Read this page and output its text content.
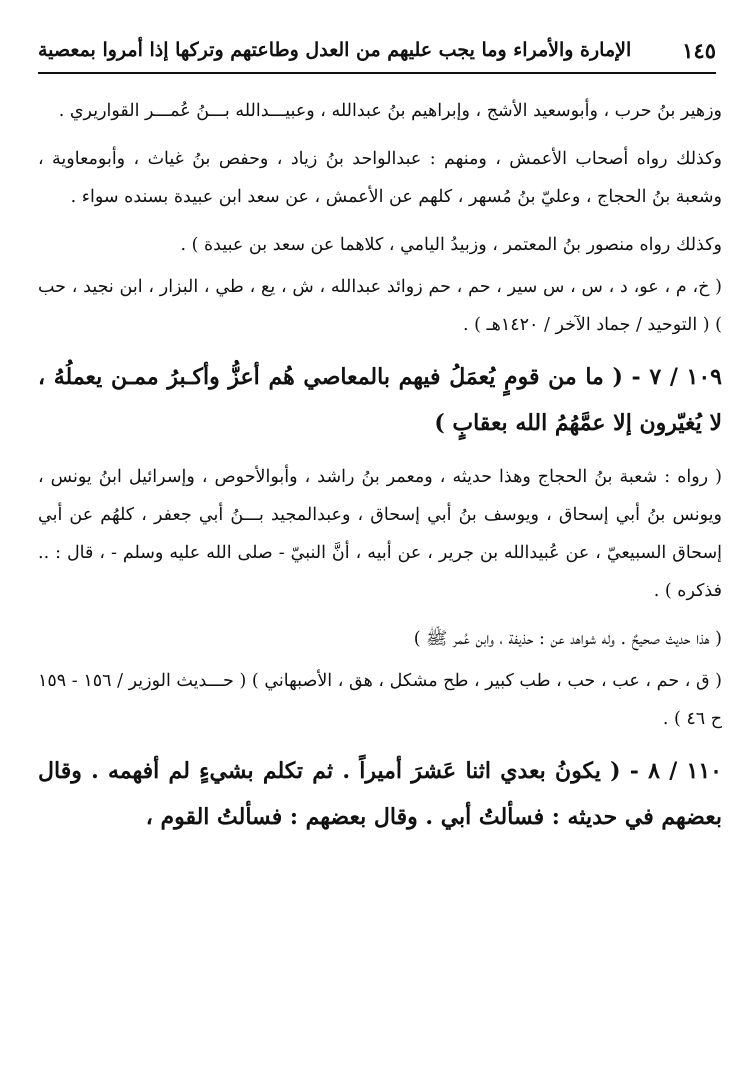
الإمارة والأمراء وما يجب عليهم من العدل وطاعتهم وتركها إذا أمروا بمعصية ١٤٥

وزهير بنُ حرب ، وأبوسعيد الأشج ، وإبراهيم بنُ عبدالله ، وعبيـــدالله بـــنُ عُمـــر القواريري .

وكذلك رواه أصحاب الأعمش ، ومنهم : عبدالواحد بنُ زياد ، وحفص بنُ غياث ، وأبومعاوية ، وشعبة بنُ الحجاج ، وعليّ بنُ مُسهر ، كلهم عن الأعمش ، عن سعد ابن عبيدة بسنده سواء .

وكذلك رواه منصور بنُ المعتمر ، وزبيدُ اليامي ، كلاهما عن سعد بن عبيدة ) .

( خ، م ، عو، د ، س ، س سير ، حم ، حم زوائد عبدالله ، ش ، يع ، طي ، البزار ، ابن نجيد ، حب ) ( التوحيد / جماد الآخر / ١٤٢٠هـ ) .

١٠٩ / ٧ - ( ما من قومٍ يُعمَلُ فيهم بالمعاصي هُم أعزُّ وأكـبرُ ممـن يعملُهُ ، لا يُغيّرون إلا عمَّهُمُ الله بعقابٍ )

( رواه : شعبة بنُ الحجاج وهذا حديثه ، ومعمر بنُ راشد ، وأبوالأحوص ، وإسرائيل ابنُ يونس ، ويونس بنُ أبي إسحاق ، ويوسف بنُ أبي إسحاق ، وعبدالمجيد بـــنُ أبي جعفر ، كلهُم عن أبي إسحاق السبيعيّ ، عن عُبيدالله بن جرير ، عن أبيه ، أنَّ النبيّ - صلى الله عليه وسلم - ، قال : .. فذكره ) .

( هذا حديث صحيحٌ . وله شواهد عن : حذيفة ، وابن عُمر ﷺ )

( ق ، حم ، عب ، حب ، طب كبير ، طح مشكل ، هق ، الأصبهاني ) ( حـــديث الوزير / ١٥٦ - ١٥٩ ح ٤٦ ) .

١١٠ / ٨ - ( يكونُ بعدي اثنا عَشرَ أميراً . ثم تكلم بشيءٍ لم أفهمه . وقال بعضهم في حديثه : فسألتُ أبي . وقال بعضهم : فسألتُ القوم ،
